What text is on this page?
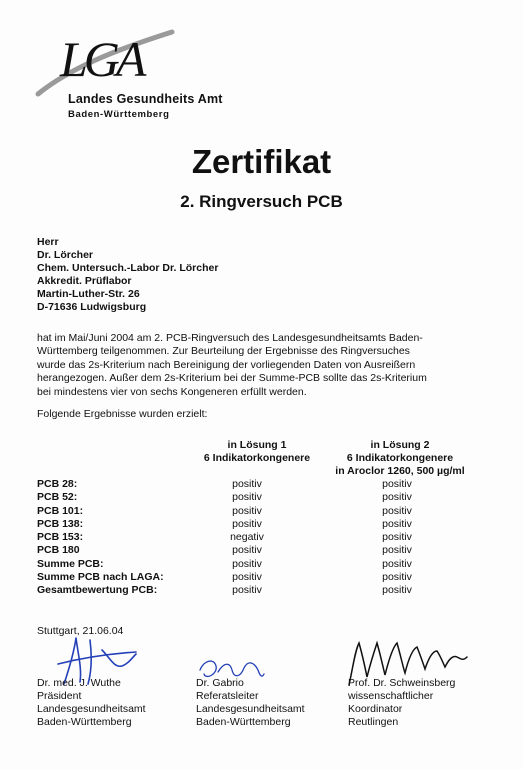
LGA
Landes Gesundheits Amt
Baden-Württemberg
Zertifikat
2. Ringversuch PCB
Herr
Dr. Lörcher
Chem. Untersuch.-Labor Dr. Lörcher
Akkredit. Prüflabor
Martin-Luther-Str. 26
D-71636 Ludwigsburg
hat im Mai/Juni 2004 am 2. PCB-Ringversuch des Landesgesundheitsamts Baden-
Württemberg teilgenommen. Zur Beurteilung der Ergebnisse des Ringversuches
wurde das 2s-Kriterium nach Bereinigung der vorliegenden Daten von Ausreißern
herangezogen. Außer dem 2s-Kriterium bei der Summe-PCB sollte das 2s-Kriterium
bei mindestens vier von sechs Kongeneren erfüllt werden.
Folgende Ergebnisse wurden erzielt:
in Lösung 1
6 Indikatorkongenere
in Lösung 2
6 Indikatorkongenere
in Aroclor 1260, 500 µg/ml
PCB 28:	positiv	positiv
PCB 52:	positiv	positiv
PCB 101:	positiv	positiv
PCB 138:	positiv	positiv
PCB 153:	negativ	positiv
PCB 180	positiv	positiv
Summe PCB:	positiv	positiv
Summe PCB nach LAGA:	positiv	positiv
Gesamtbewertung PCB:	positiv	positiv
Stuttgart, 21.06.04
Dr. med. J. Wuthe
Präsident
Landesgesundheitsamt
Baden-Württemberg
Dr. Gabrio
Referatsleiter
Landesgesundheitsamt
Baden-Württemberg
Prof. Dr. Schweinsberg
wissenschaftlicher
Koordinator
Reutlingen
